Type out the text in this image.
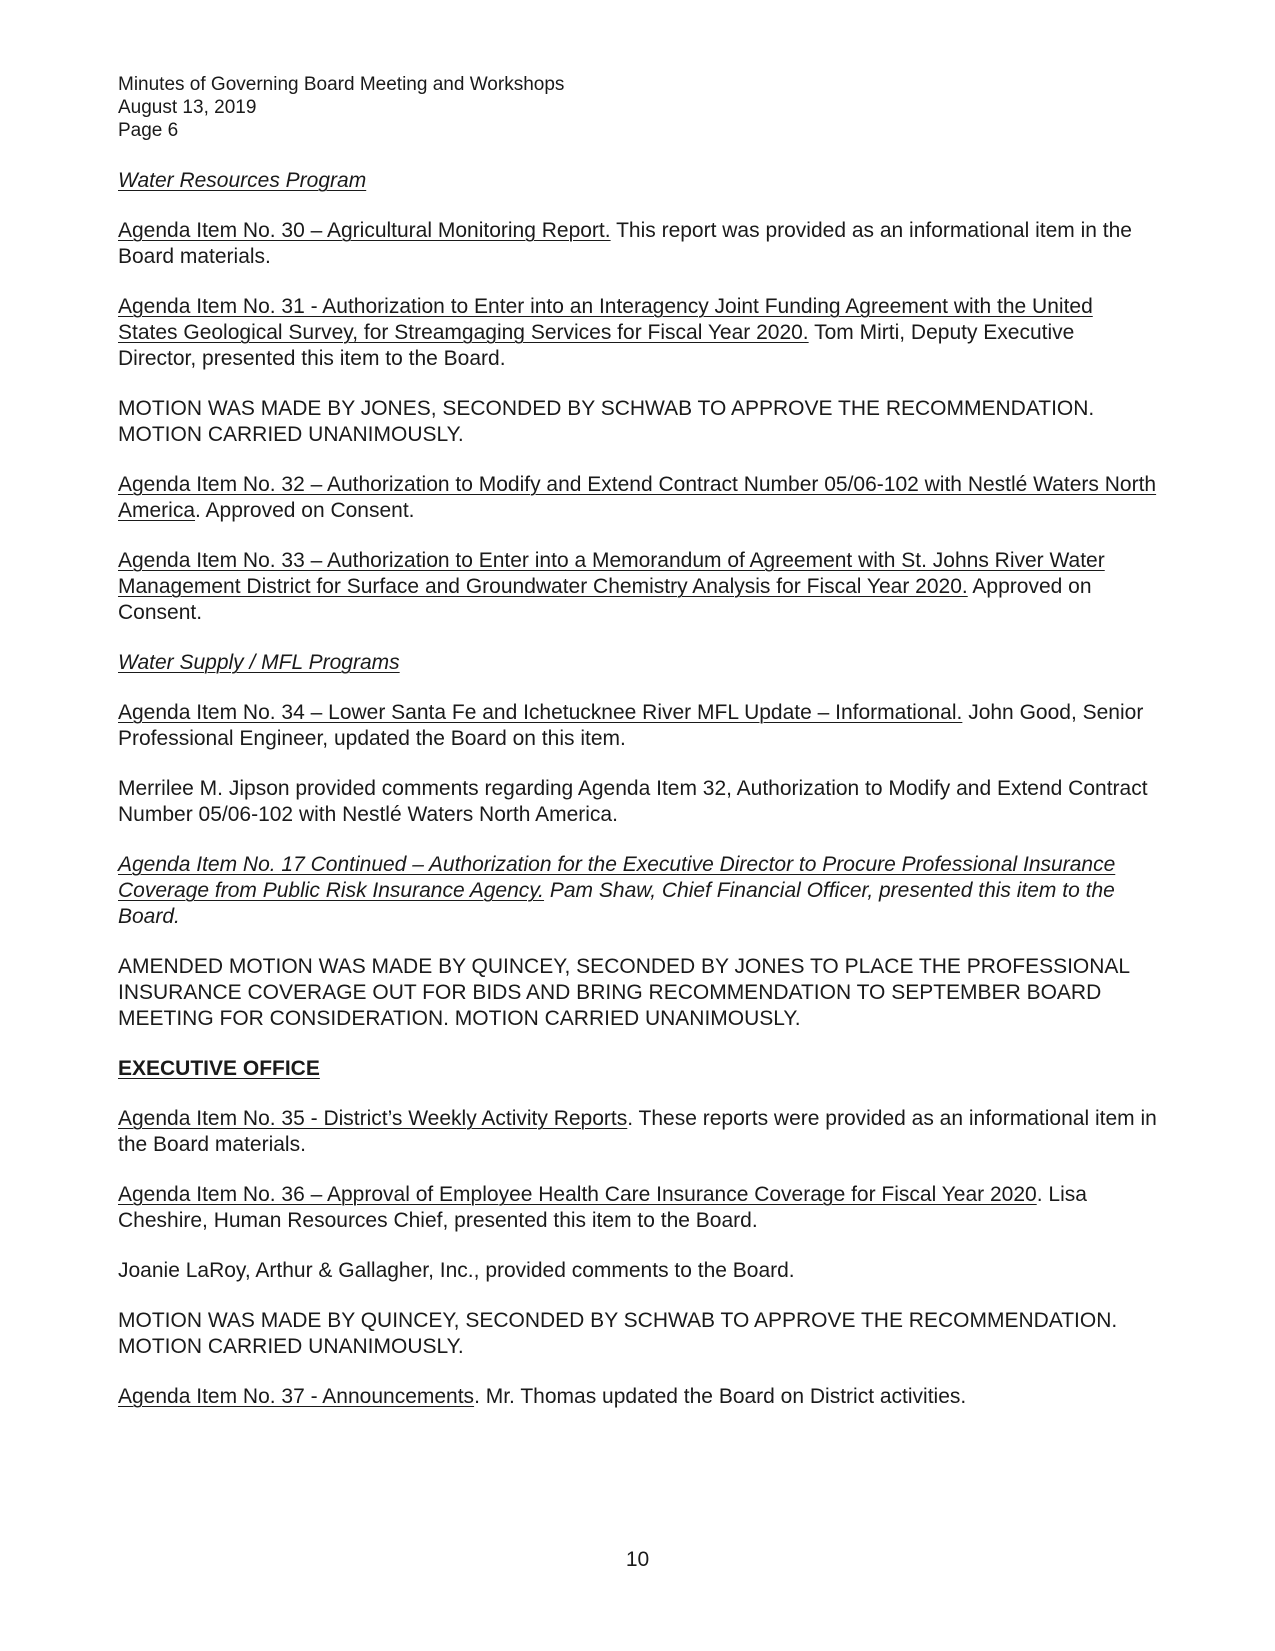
Minutes of Governing Board Meeting and Workshops
August 13, 2019
Page 6
Water Resources Program
Agenda Item No. 30 – Agricultural Monitoring Report. This report was provided as an informational item in the Board materials.
Agenda Item No. 31 - Authorization to Enter into an Interagency Joint Funding Agreement with the United States Geological Survey, for Streamgaging Services for Fiscal Year 2020. Tom Mirti, Deputy Executive Director, presented this item to the Board.
MOTION WAS MADE BY JONES, SECONDED BY SCHWAB TO APPROVE THE RECOMMENDATION. MOTION CARRIED UNANIMOUSLY.
Agenda Item No. 32 – Authorization to Modify and Extend Contract Number 05/06-102 with Nestlé Waters North America. Approved on Consent.
Agenda Item No. 33 – Authorization to Enter into a Memorandum of Agreement with St. Johns River Water Management District for Surface and Groundwater Chemistry Analysis for Fiscal Year 2020. Approved on Consent.
Water Supply / MFL Programs
Agenda Item No. 34 – Lower Santa Fe and Ichetucknee River MFL Update – Informational. John Good, Senior Professional Engineer, updated the Board on this item.
Merrilee M. Jipson provided comments regarding Agenda Item 32, Authorization to Modify and Extend Contract Number 05/06-102 with Nestlé Waters North America.
Agenda Item No. 17 Continued – Authorization for the Executive Director to Procure Professional Insurance Coverage from Public Risk Insurance Agency. Pam Shaw, Chief Financial Officer, presented this item to the Board.
AMENDED MOTION WAS MADE BY QUINCEY, SECONDED BY JONES TO PLACE THE PROFESSIONAL INSURANCE COVERAGE OUT FOR BIDS AND BRING RECOMMENDATION TO SEPTEMBER BOARD MEETING FOR CONSIDERATION. MOTION CARRIED UNANIMOUSLY.
EXECUTIVE OFFICE
Agenda Item No. 35 - District’s Weekly Activity Reports. These reports were provided as an informational item in the Board materials.
Agenda Item No. 36 – Approval of Employee Health Care Insurance Coverage for Fiscal Year 2020. Lisa Cheshire, Human Resources Chief, presented this item to the Board.
Joanie LaRoy, Arthur & Gallagher, Inc., provided comments to the Board.
MOTION WAS MADE BY QUINCEY, SECONDED BY SCHWAB TO APPROVE THE RECOMMENDATION. MOTION CARRIED UNANIMOUSLY.
Agenda Item No. 37 - Announcements. Mr. Thomas updated the Board on District activities.
10
